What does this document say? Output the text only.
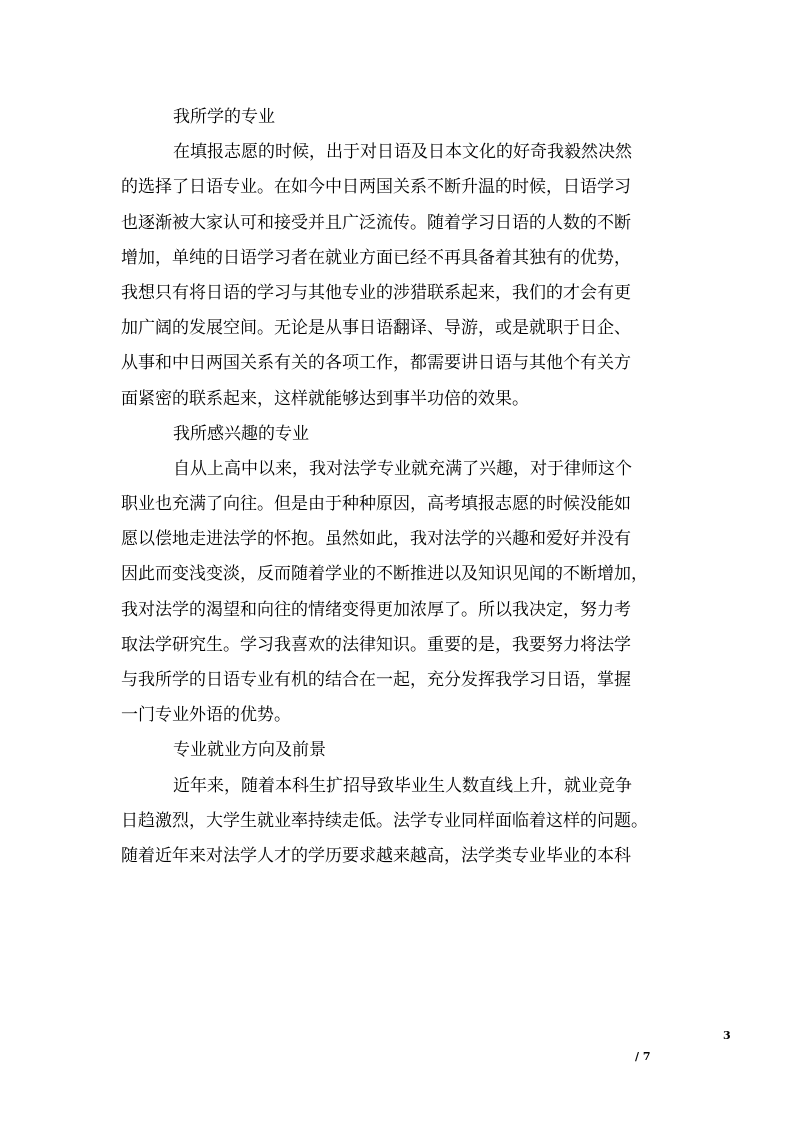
我所学的专业
在填报志愿的时候，出于对日语及日本文化的好奇我毅然决然
的选择了日语专业。在如今中日两国关系不断升温的时候，日语学习
也逐渐被大家认可和接受并且广泛流传。随着学习日语的人数的不断
增加，单纯的日语学习者在就业方面已经不再具备着其独有的优势，
我想只有将日语的学习与其他专业的涉猎联系起来，我们的才会有更
加广阔的发展空间。无论是从事日语翻译、导游，或是就职于日企、
从事和中日两国关系有关的各项工作，都需要讲日语与其他个有关方
面紧密的联系起来，这样就能够达到事半功倍的效果。
我所感兴趣的专业
自从上高中以来，我对法学专业就充满了兴趣，对于律师这个
职业也充满了向往。但是由于种种原因，高考填报志愿的时候没能如
愿以偿地走进法学的怀抱。虽然如此，我对法学的兴趣和爱好并没有
因此而变浅变淡，反而随着学业的不断推进以及知识见闻的不断增加，
我对法学的渴望和向往的情绪变得更加浓厚了。所以我决定，努力考
取法学研究生。学习我喜欢的法律知识。重要的是，我要努力将法学
与我所学的日语专业有机的结合在一起，充分发挥我学习日语，掌握
一门专业外语的优势。
专业就业方向及前景
近年来，随着本科生扩招导致毕业生人数直线上升，就业竞争
日趋激烈，大学生就业率持续走低。法学专业同样面临着这样的问题。
随着近年来对法学人才的学历要求越来越高，法学类专业毕业的本科
3
/ 7
